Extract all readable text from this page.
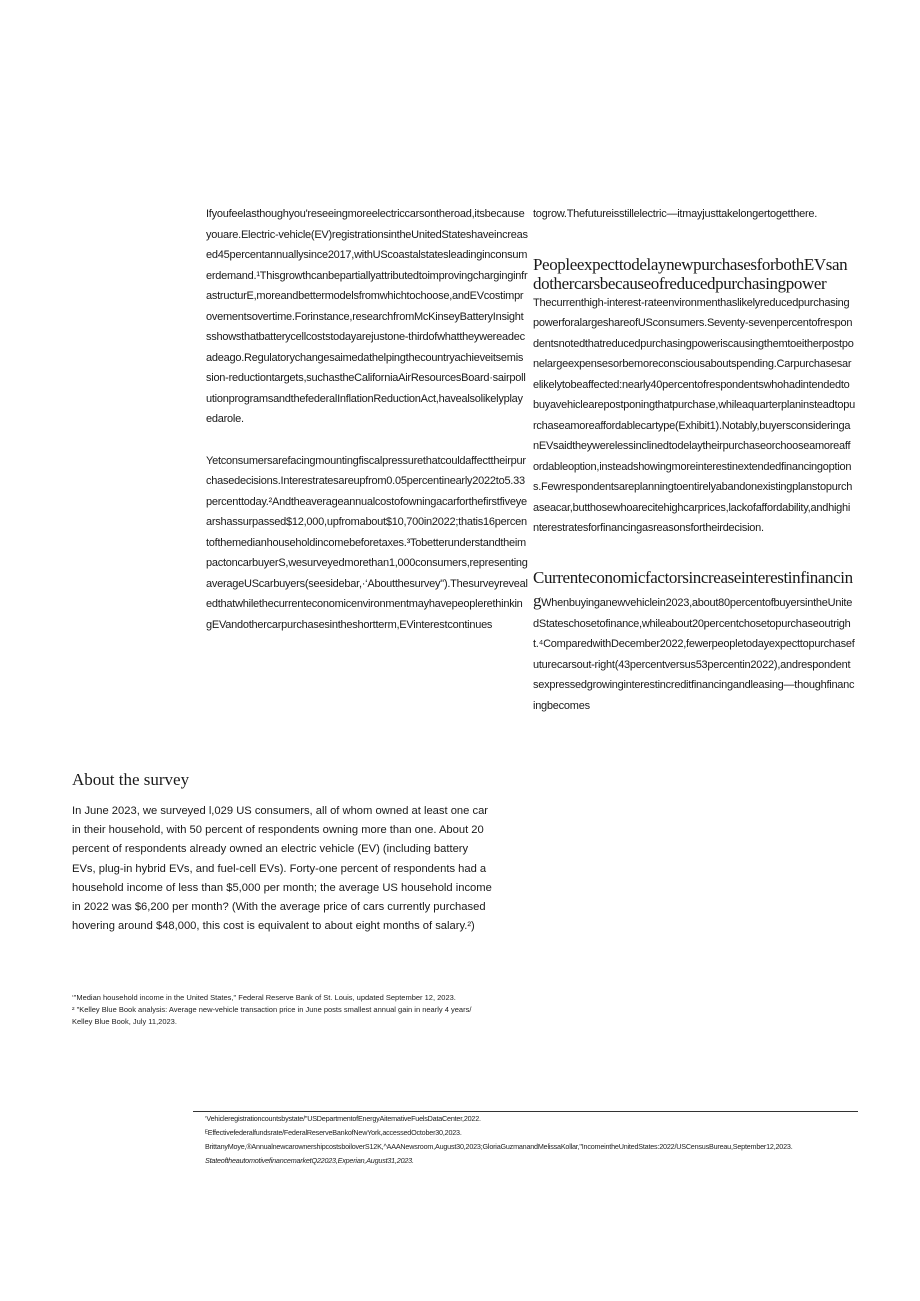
Ifyoufeelasthoughyou'reseeingmoreelectriccarsontheroad,itsbecauseyouare.Electric-vehicle(EV)registrationsintheUnitedStateshaveincreased45percentannuallysince2017,withUScoastalstatesleadinginconsumerdemand.¹ThisgrowthcanbepartiallyattributedtoimprovingcharginginfrastructurE,moreandbettermodelsfromwhichtochoose,andEVcostimprovementsovertime.Forinstance,researchfromMcKinseyBatteryInsightsshowsthatbatterycellcoststodayarejustone-thirdofwhattheywereadecadeago.Regulatorychangesaimedathelpingthecountryachieveitsemission-reductiontargets,suchastheCaliforniaAirResourcesBoard·sairpollutionprogramsandthefederalInflationReductionAct,havealsolikelyplayedarole.

Yetconsumersarefacingmountingfiscalpressurethatcouldaffecttheirpurchasedecisions.Interestratesareupfrom0.05percentinearly2022to5.33percenttoday.²Andtheaverageannualcostofowningacarforthefirstfiveyearshassurpassed$12,000,upfromabout$10,700in2022;thatis16percentofthemedianhouseholdincomebeforetaxes.³TobetterunderstandtheimpactoncarbuyerS,wesurveyedmorethan1,000consumers,representingaverageUScarbuyers(seesidebar,·‘Aboutthesurvey").ThesurveyrevealedthatwhilethecurrenteconomicenvironmentmayhavepeoplerethinkingEVandothercarpurchasesintheshortterm,EVinterestcontinues

togrow.Thefutureisstillelectric—itmayjusttakelongertogetthere.

PeopleexpecttodelaynewpurchasesforbothEVsandothercarsbecauseofreducedpurchasingpower

Thecurrenthigh-interest-rateenvironmenthaslikelyreducedpurchasingpowerforalargeshareofUSconsumers.Seventy-sevenpercentofrespondentsnotedthatreducedpurchasingpoweriscausingthemtoeitherpostponelargeexpensesorbemoreconsciousaboutspending.Carpurchasesarelikelytobeaffected:nearly40percentofrespondentswhohadintendedtobuyavehiclearepostponingthatpurchase,whileaquarterplaninsteadtopurchaseamoreaffordablecartype(Exhibit1).Notably,buyersconsideringanEVsaidtheywerelessinclinedtodelaytheirpurchaseorchooseamoreaffordableoption,insteadshowingmoreinterestinextendedfinancingoptions.Fewrespondentsareplanningtoentirelyabandonexistingplanstopurchaseacar,butthosewhoarecitehighcarprices,lackofaffordability,andhighinterestratesforfinancingasreasonsfortheirdecision.

CurrenteconomicfactorsincreaseinterestinfinancingWhenbuyinganewvehiclein2023,about80percentofbuyersintheUnitedStateschosetofinance,whileabout20percentchosetopurchaseoutright.⁴ComparedwithDecember2022,fewerpeopletodayexpecttopurchasefuturecarsout-right(43percentversus53percentin2022),andrespondentsexpressedgrowinginterestincreditfinancingandleasing—thoughfinancingbecomes
About the survey

In June 2023, we surveyed l,029 US consumers, all of whom owned at least one car in their household, with 50 percent of respondents owning more than one. About 20 percent of respondents already owned an electric vehicle (EV) (including battery EVs, plug-in hybrid EVs, and fuel-cell EVs). Forty-one percent of respondents had a household income of less than $5,000 per month; the average US household income in 2022 was $6,200 per month? (With the average price of cars currently purchased hovering around $48,000, this cost is equivalent to about eight months of salary.²)

‘"Median household income in the United States," Federal Reserve Bank of St. Louis, updated September 12, 2023.

² "Kelley Blue Book analysis: Average new-vehicle transaction price in June posts smallest annual gain in nearly 4 years/ Kelley Blue Book, July 11,2023.

‘Vehicleregistrationcountsbystate/"USDepartmentofEnergyAitemativeFuelsDataCenter,2022.

ᴱEffectivefederalfundsrate/FederalReserveBankofNewYork,accessedOctober30,2023.

BrittanyMoye,®AnnualnewcarownershipcostsboiloverS12K,^AAANewsroom,August30,2023;GloriaGuzmanandMelissaKollar,"IncomeintheUnitedStates:2022/USCensusBureau,September12,2023.

StateoftheautomotivefinancemarketQ22023,Experian,August31,2023.
